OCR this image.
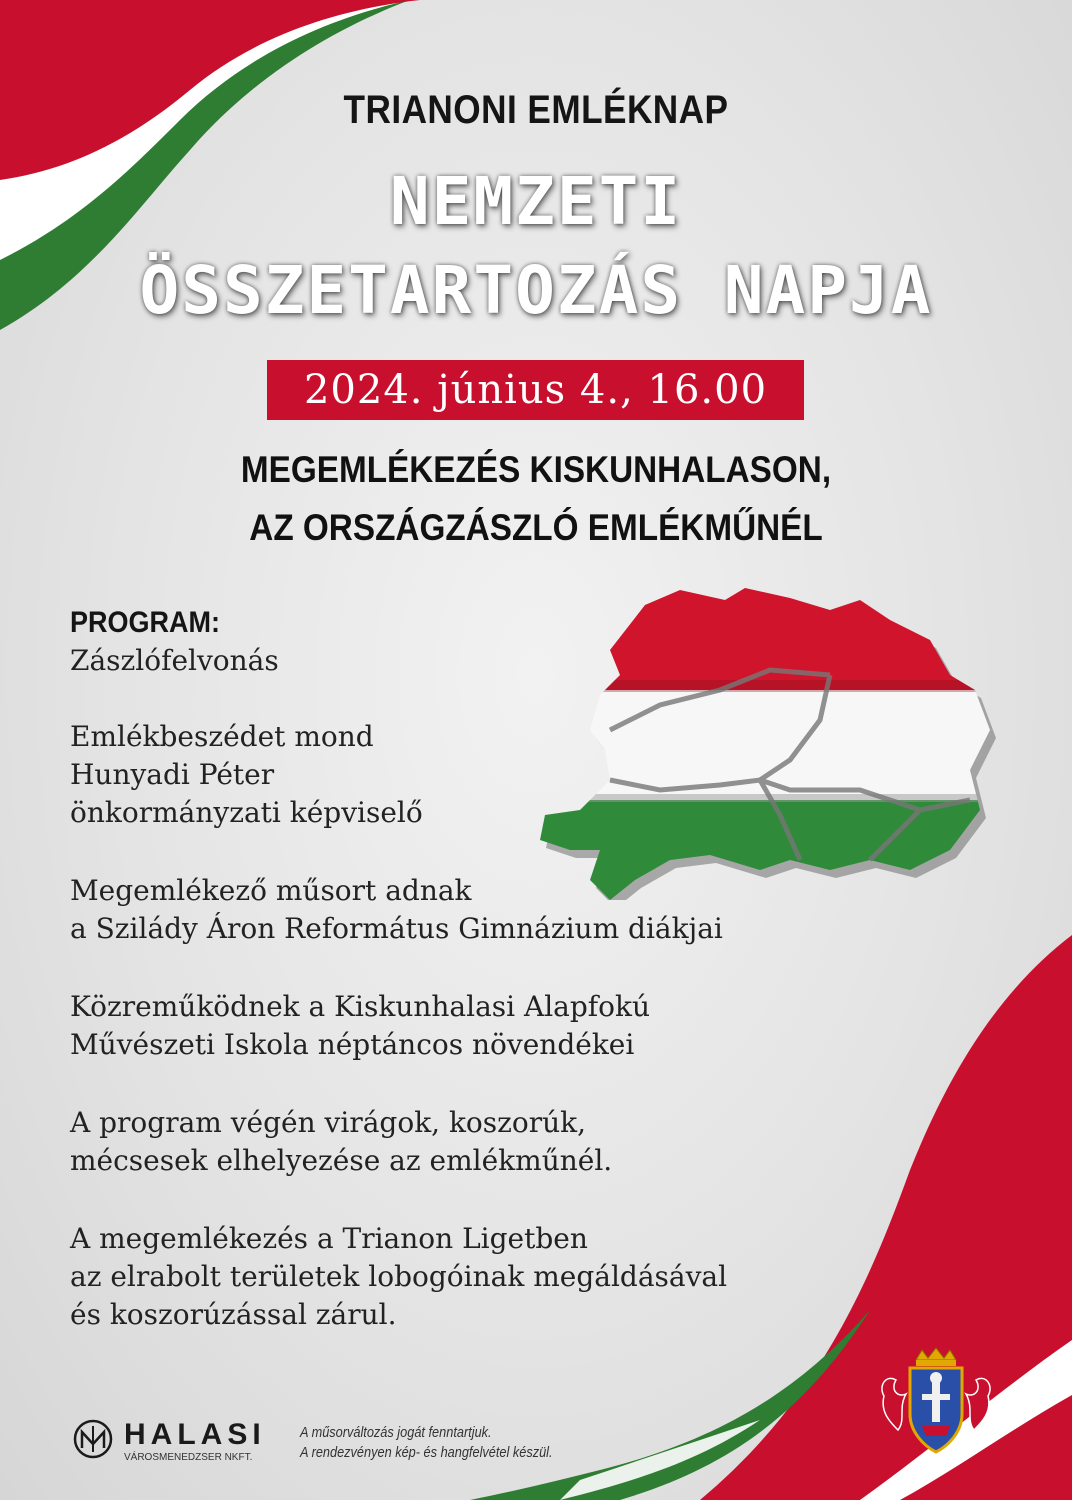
TRIANONI EMLÉKNAP
NEMZETI
ÖSSZETARTOZÁS NAPJA
2024. június 4., 16.00
MEGEMLÉKEZÉS KISKUNHALASON,
AZ ORSZÁGZÁSZLÓ EMLÉKMŰNÉL
PROGRAM:
Zászlófelvonás
Emlékbeszédet mond
Hunyadi Péter
önkormányzati képviselő
Megemlékező műsort adnak
a Szilády Áron Református Gimnázium diákjai
Közreműködnek a Kiskunhalasi Alapfokú
Művészeti Iskola néptáncos növendékei
A program végén virágok, koszorúk,
mécsesek elhelyezése az emlékműnél.
A megemlékezés a Trianon Ligetben
az elrabolt területek lobogóinak megáldásával
és koszorúzással zárul.
HALASI
VÁROSMENEDZSER NKFT.
A műsorváltozás jogát fenntartjuk.
A rendezvényen kép- és hangfelvétel készül.
